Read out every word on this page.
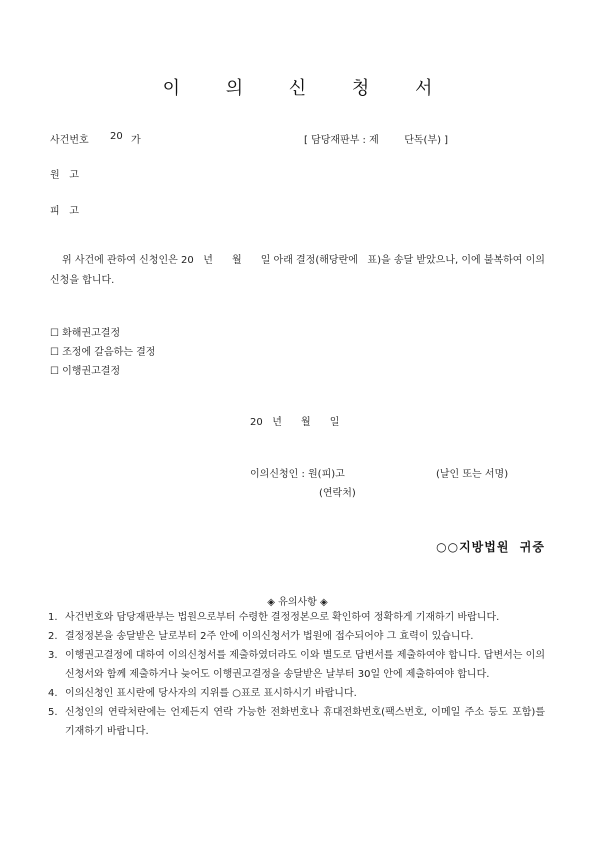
이 의 신 청 서
사건번호 20 가	[ 담당재판부 : 제        단독(부) ]
원   고
피   고
위 사건에 관하여 신청인은 20   년      월      일 아래 결정(해당란에   표)을 송달 받았으나, 이에 불복하여 이의신청을 합니다.
☐ 화해권고결정
☐ 조정에 갈음하는 결정
☐ 이행권고결정
20   년      월      일
이의신청인 : 원(피)고	(날인 또는 서명)
(연락처)
○○지방법원  귀중
◈ 유의사항 ◈
1. 사건번호와 담당재판부는 법원으로부터 수령한 결정정본으로 확인하여 정확하게 기재하기 바랍니다.
2. 결정정본을 송달받은 날로부터 2주 안에 이의신청서가 법원에 접수되어야 그 효력이 있습니다.
3. 이행권고결정에 대하여 이의신청서를 제출하였더라도 이와 별도로 답변서를 제출하여야 합니다. 답변서는 이의신청서와 함께 제출하거나 늦어도 이행권고결정을 송달받은 날부터 30일 안에 제출하여야 합니다.
4. 이의신청인 표시란에 당사자의 지위를 ○표로 표시하시기 바랍니다.
5. 신청인의 연락처란에는 언제든지 연락 가능한 전화번호나 휴대전화번호(팩스번호, 이메일 주소 등도 포함)를 기재하기 바랍니다.
